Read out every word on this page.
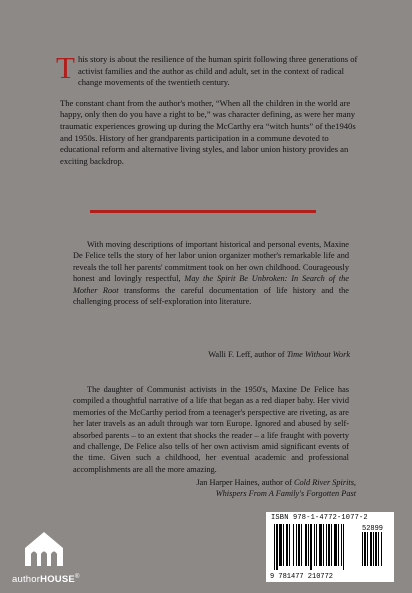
This story is about the resilience of the human spirit following three generations of activist families and the author as child and adult, set in the context of radical change movements of the twentieth century.

The constant chant from the author's mother, “When all the children in the world are happy, only then do you have a right to be,” was character defining, as were her many traumatic experiences growing up during the McCarthy era “witch hunts” of the1940s and 1950s. History of her grandparents participation in a commune devoted to educational reform and alternative living styles, and labor union history provides an exciting backdrop.

With moving descriptions of important historical and personal events, Maxine De Felice tells the story of her labor union organizer mother's remarkable life and reveals the toll her parents' commitment took on her own childhood. Courageously honest and lovingly respectful, May the Spirit Be Unbroken: In Search of the Mother Root transforms the careful documentation of life history and the challenging process of self-exploration into literature.

Walli F. Leff, author of Time Without Work

The daughter of Communist activists in the 1950's, Maxine De Felice has compiled a thoughtful narrative of a life that began as a red diaper baby. Her vivid memories of the McCarthy period from a teenager's perspective are riveting, as are her later travels as an adult through war torn Europe. Ignored and abused by self-absorbed parents – to an extent that shocks the reader – a life fraught with poverty and challenge, De Felice also tells of her own activism amid significant events of the time. Given such a childhood, her eventual academic and professional accomplishments are all the more amazing.

Jan Harper Haines, author of Cold River Spirits,
Whispers From A Family's Forgotten Past
authorHOUSE®
ISBN 978-1-4772-1077-2
52899
9 781477 210772
